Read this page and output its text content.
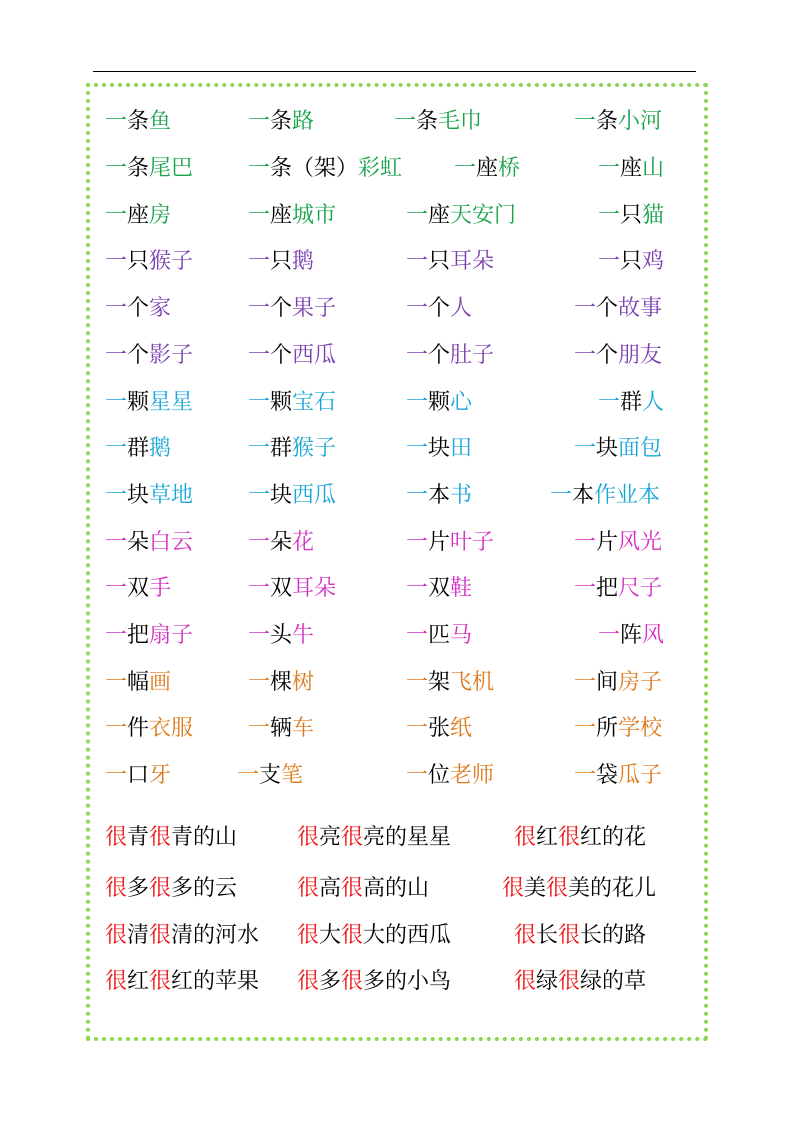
一条鱼	一条路	一条毛巾	一条小河
一条尾巴 一条（架）彩虹 一座桥	一座山
一座房	一座城市	一座天安门	一只猫
一只猴子 一只鹅	一只耳朵	一只鸡
一个家	一个果子	一个人	一个故事
一个影子 一个西瓜	一个肚子	一个朋友
一颗星星 一颗宝石	一颗心	一群人
一群鹅	一群猴子	一块田	一块面包
一块草地 一块西瓜	一本书	一本作业本
一朵白云 一朵花	一片叶子	一片风光
一双手	一双耳朵	一双鞋	一把尺子
一把扇子 一头牛	一匹马	一阵风
一幅画	一棵树	一架飞机	一间房子
一件衣服 一辆车	一张纸	一所学校
一口牙	一支笔	一位老师	一袋瓜子
很青很青的山	很亮很亮的星星	很红很红的花
很多很多的云	很高很高的山	很美很美的花儿
很清很清的河水 很大很大的西瓜	很长很长的路
很红很红的苹果 很多很多的小鸟	很绿很绿的草
